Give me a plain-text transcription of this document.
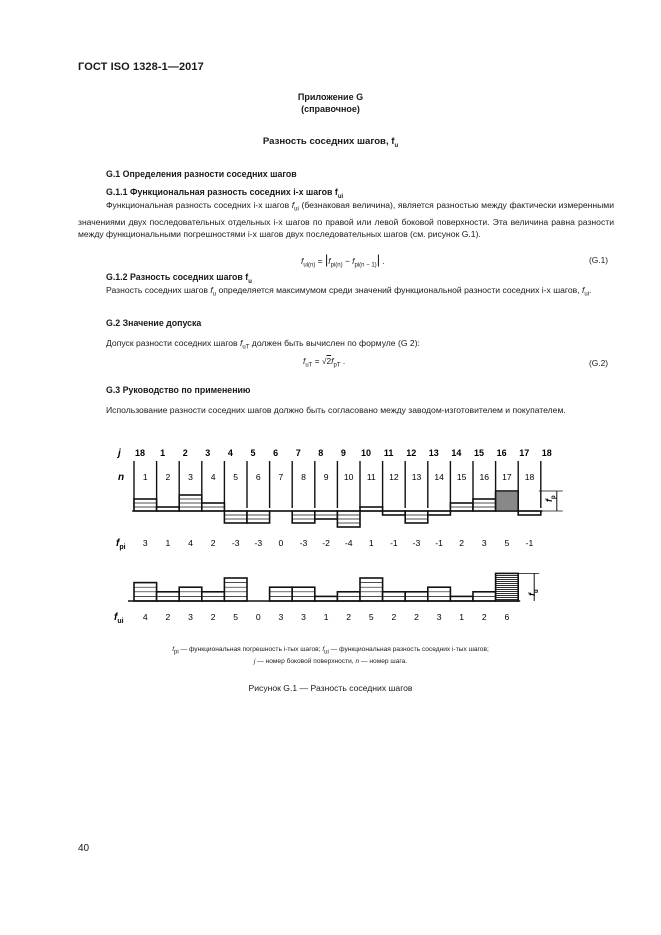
ГОСТ ISO 1328-1—2017
Приложение G
(справочное)
Разность соседних шагов, $f_u$
G.1 Определения разности соседних шагов
G.1.1 Функциональная разность соседних i-х шагов $f_{ui}$
Функциональная разность соседних i-х шагов $f_{ui}$ (безнаковая величина), является разностью между фактически измеренными значениями двух последовательных отдельных i-х шагов по правой или левой боковой поверхности. Эта величина равна разности между функциональными погрешностями i-х шагов двух последовательных шагов (см. рисунок G.1).
$f_{ui(n)} = |f_{pi(n)} - f_{pi(n - 1)}|$ .	(G.1)
G.1.2 Разность соседних шагов $f_u$
Разность соседних шагов $f_u$ определяется максимумом среди значений функциональной разности соседних i-х шагов, $f_{ui}$.
G.2 Значение допуска
Допуск разности соседних шагов $f_{uT}$ должен быть вычислен по формуле (G 2):
$f_{uT} = √2f_{pT}$ .	(G.2)
G.3 Руководство по применению
Использование разности соседних шагов должно быть согласовано между заводом-изготовителем и покупателем.
18 1 2 3 4 5 6 7 8 9 10 11 12 13 14 15 16 17 18
1 2 3 4 5 6 7 8 9 10 11 12 13 14 15 16 17 18
3 1 4 2 -3 -3 0 -3 -2 -4 1 -1 -3 -1 2 3 5 -1
4 2 3 2 5 0 3 3 1 2 5 2 2 3 1 2 6
j
n
$f_{pi}$
$f_{ui}$
$f_p$
$f_u$
$f_{pi}$ — функциональная погрешность i-тых шагов; $f_{ui}$ — функциональная разность соседних i-тых шагов;
j — номер боковой поверхности, n — номер шага.
Рисунок G.1 — Разность соседних шагов
40
